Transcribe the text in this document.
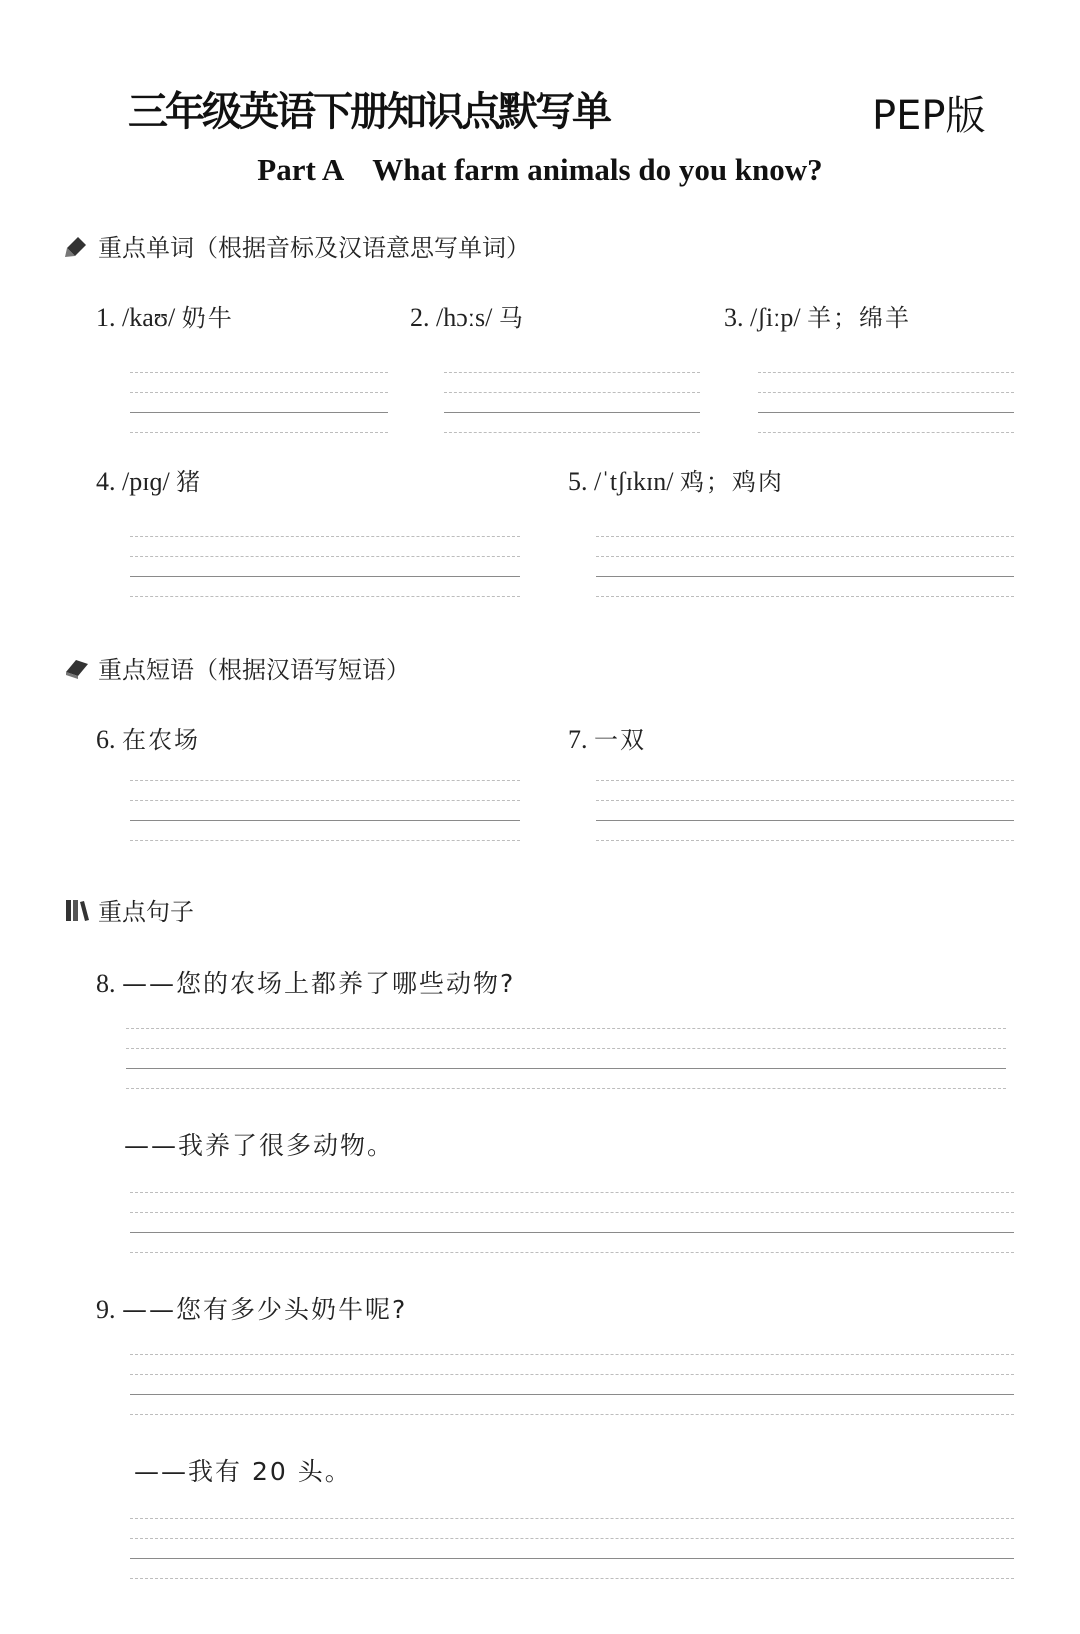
三年级英语下册知识点默写单	PEP版
Part A What farm animals do you know?
重点单词（根据音标及汉语意思写单词）
1. /kaʊ/ 奶牛	2. /hɔːs/ 马	3. /ʃiːp/ 羊；绵羊
4. /pɪɡ/ 猪	5. /ˈtʃɪkɪn/ 鸡；鸡肉
重点短语（根据汉语写短语）
6. 在农场	7. 一双
重点句子
8. ——您的农场上都养了哪些动物?
——我养了很多动物。
9. ——您有多少头奶牛呢?
——我有 20 头。
